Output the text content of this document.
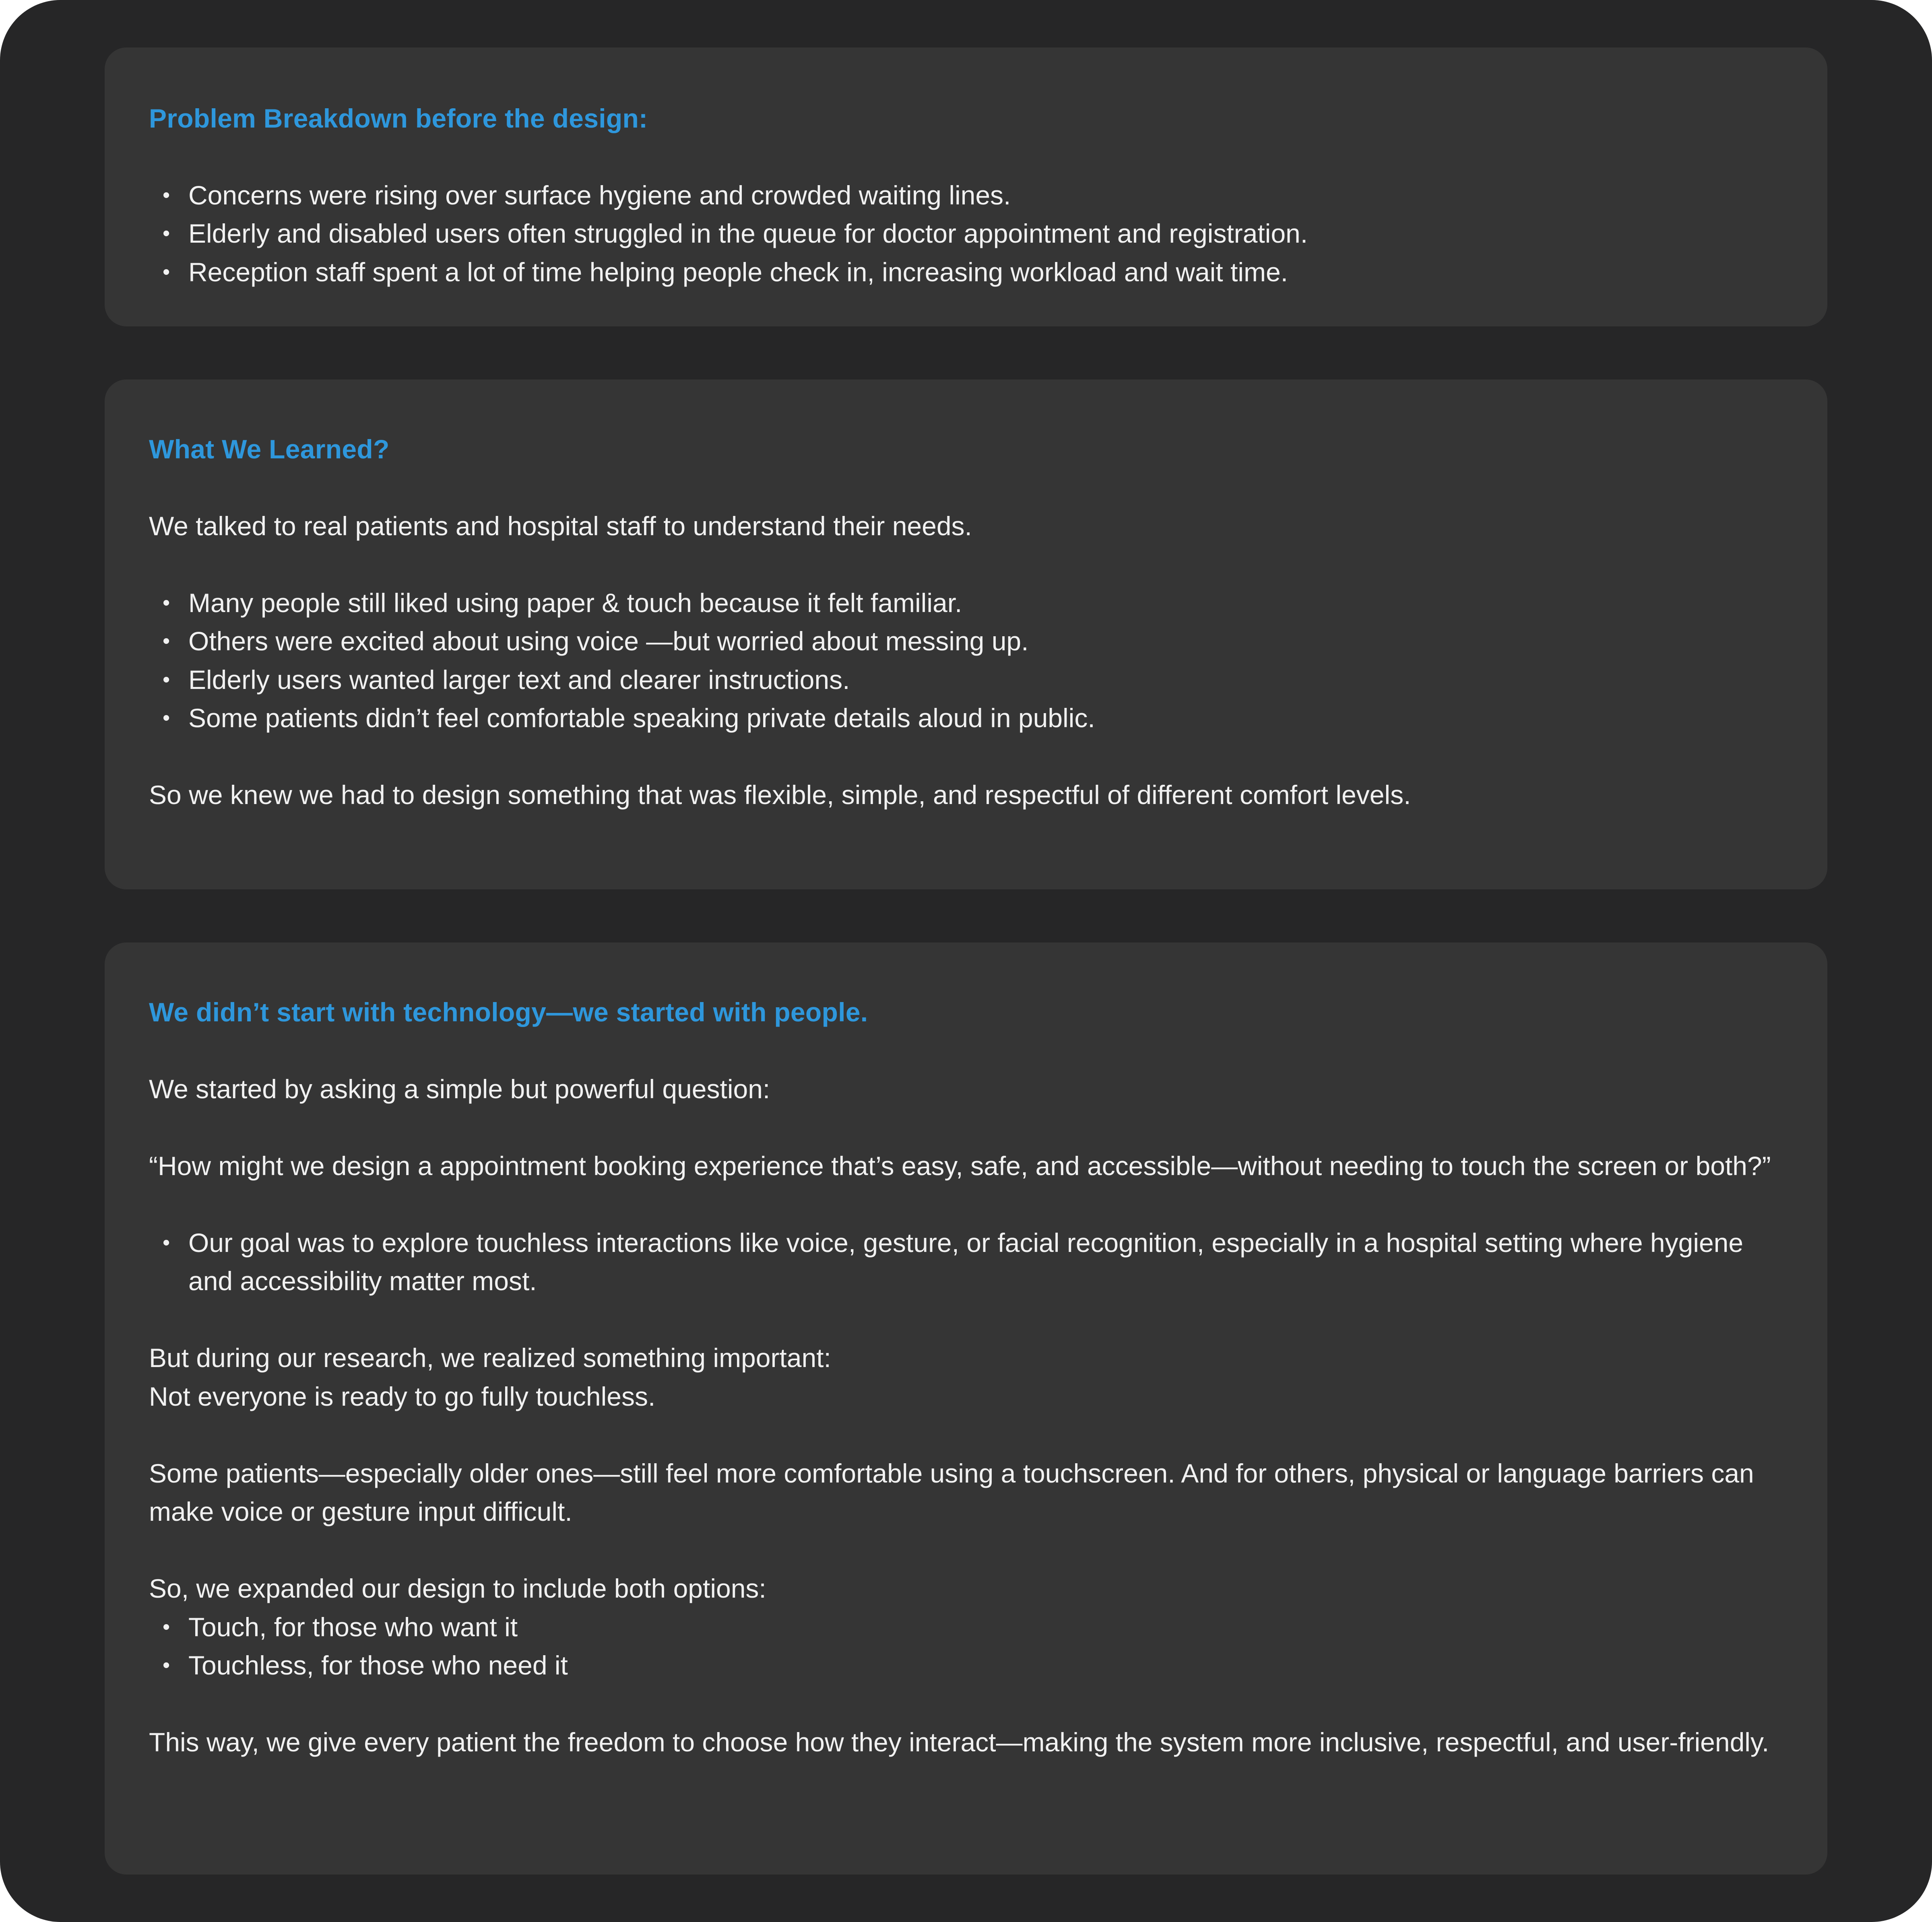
Problem Breakdown before the design:
• Concerns were rising over surface hygiene and crowded waiting lines.
• Elderly and disabled users often struggled in the queue for doctor appointment and registration.
• Reception staff spent a lot of time helping people check in, increasing workload and wait time.
What We Learned?

We talked to real patients and hospital staff to understand their needs.

• Many people still liked using paper & touch because it felt familiar.
• Others were excited about using voice —but worried about messing up.
• Elderly users wanted larger text and clearer instructions.
• Some patients didn’t feel comfortable speaking private details aloud in public.

So we knew we had to design something that was flexible, simple, and respectful of different comfort levels.

We didn’t start with technology—we started with people.

We started by asking a simple but powerful question:

“How might we design a appointment booking experience that’s easy, safe, and accessible—without needing to touch the screen or both?”

• Our goal was to explore touchless interactions like voice, gesture, or facial recognition, especially in a hospital setting where hygiene and accessibility matter most.

But during our research, we realized something important:

Not everyone is ready to go fully touchless.

Some patients—especially older ones—still feel more comfortable using a touchscreen. And for others, physical or language barriers can make voice or gesture input difficult.

So, we expanded our design to include both options:

• Touch, for those who want it
• Touchless, for those who need it

This way, we give every patient the freedom to choose how they interact—making the system more inclusive, respectful, and user-friendly.
